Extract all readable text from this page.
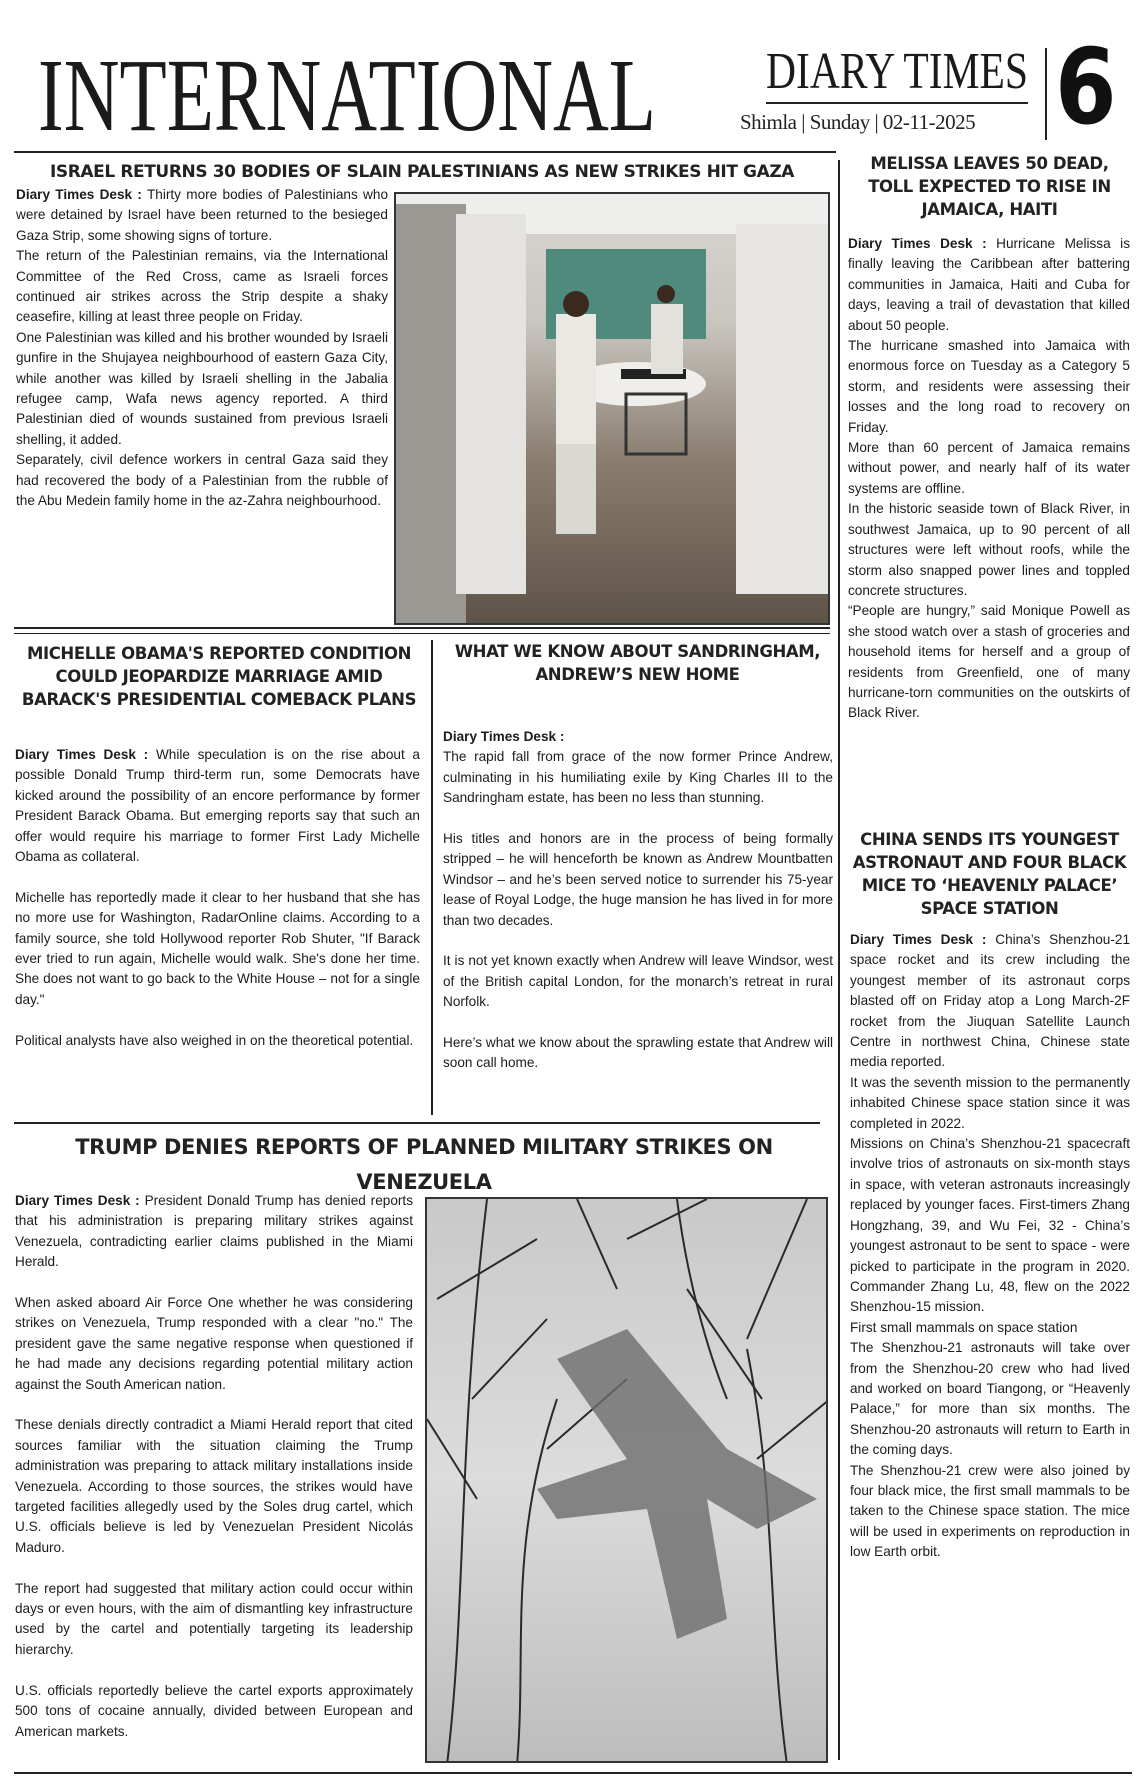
INTERNATIONAL DIARY TIMES
Shimla | Sunday | 02-11-2025 6
ISRAEL RETURNS 30 BODIES OF SLAIN PALESTINIANS AS NEW STRIKES HIT GAZA

Diary Times Desk : Thirty more bodies of Palestinians who were detained by Israel have been returned to the besieged Gaza Strip, some showing signs of torture.

The return of the Palestinian remains, via the International Committee of the Red Cross, came as Israeli forces continued air strikes across the Strip despite a shaky ceasefire, killing at least three people on Friday.

One Palestinian was killed and his brother wounded by Israeli gunfire in the Shujayea neighbourhood of eastern Gaza City, while another was killed by Israeli shelling in the Jabalia refugee camp, Wafa news agency reported. A third Palestinian died of wounds sustained from previous Israeli shelling, it added.

Separately, civil defence workers in central Gaza said they had recovered the body of a Palestinian from the rubble of the Abu Medein family home in the az-Zahra neighbourhood.

MICHELLE OBAMA'S REPORTED CONDITION COULD JEOPARDIZE MARRIAGE AMID BARACK'S PRESIDENTIAL COMEBACK PLANS

Diary Times Desk : While speculation is on the rise about a possible Donald Trump third-term run, some Democrats have kicked around the possibility of an encore performance by former President Barack Obama. But emerging reports say that such an offer would require his marriage to former First Lady Michelle Obama as collateral.

Michelle has reportedly made it clear to her husband that she has no more use for Washington, RadarOnline claims. According to a family source, she told Hollywood reporter Rob Shuter, "If Barack ever tried to run again, Michelle would walk. She's done her time. She does not want to go back to the White House – not for a single day."

Political analysts have also weighed in on the theoretical potential.

WHAT WE KNOW ABOUT SANDRINGHAM, ANDREW’S NEW HOME

Diary Times Desk :

The rapid fall from grace of the now former Prince Andrew, culminating in his humiliating exile by King Charles III to the Sandringham estate, has been no less than stunning.

His titles and honors are in the process of being formally stripped – he will henceforth be known as Andrew Mountbatten Windsor – and he’s been served notice to surrender his 75-year lease of Royal Lodge, the huge mansion he has lived in for more than two decades.

It is not yet known exactly when Andrew will leave Windsor, west of the British capital London, for the monarch’s retreat in rural Norfolk.

Here’s what we know about the sprawling estate that Andrew will soon call home.

TRUMP DENIES REPORTS OF PLANNED MILITARY STRIKES ON VENEZUELA

Diary Times Desk : President Donald Trump has denied reports that his administration is preparing military strikes against Venezuela, contradicting earlier claims published in the Miami Herald.

When asked aboard Air Force One whether he was considering strikes on Venezuela, Trump responded with a clear "no." The president gave the same negative response when questioned if he had made any decisions regarding potential military action against the South American nation.

These denials directly contradict a Miami Herald report that cited sources familiar with the situation claiming the Trump administration was preparing to attack military installations inside Venezuela. According to those sources, the strikes would have targeted facilities allegedly used by the Soles drug cartel, which U.S. officials believe is led by Venezuelan President Nicolás Maduro.

The report had suggested that military action could occur within days or even hours, with the aim of dismantling key infrastructure used by the cartel and potentially targeting its leadership hierarchy.

U.S. officials reportedly believe the cartel exports approximately 500 tons of cocaine annually, divided between European and American markets.

MELISSA LEAVES 50 DEAD, TOLL EXPECTED TO RISE IN JAMAICA, HAITI

Diary Times Desk : Hurricane Melissa is finally leaving the Caribbean after battering communities in Jamaica, Haiti and Cuba for days, leaving a trail of devastation that killed about 50 people.

The hurricane smashed into Jamaica with enormous force on Tuesday as a Category 5 storm, and residents were assessing their losses and the long road to recovery on Friday.

More than 60 percent of Jamaica remains without power, and nearly half of its water systems are offline.

In the historic seaside town of Black River, in southwest Jamaica, up to 90 percent of all structures were left without roofs, while the storm also snapped power lines and toppled concrete structures.

“People are hungry,” said Monique Powell as she stood watch over a stash of groceries and household items for herself and a group of residents from Greenfield, one of many hurricane-torn communities on the outskirts of Black River.

CHINA SENDS ITS YOUNGEST ASTRONAUT AND FOUR BLACK MICE TO ‘HEAVENLY PALACE’ SPACE STATION

Diary Times Desk : China’s Shenzhou-21 space rocket and its crew including the youngest member of its astronaut corps blasted off on Friday atop a Long March-2F rocket from the Jiuquan Satellite Launch Centre in northwest China, Chinese state media reported.

It was the seventh mission to the permanently inhabited Chinese space station since it was completed in 2022.

Missions on China’s Shenzhou-21 spacecraft involve trios of astronauts on six-month stays in space, with veteran astronauts increasingly replaced by younger faces. First-timers Zhang Hongzhang, 39, and Wu Fei, 32 - China’s youngest astronaut to be sent to space - were picked to participate in the program in 2020. Commander Zhang Lu, 48, flew on the 2022 Shenzhou-15 mission.

First small mammals on space station

The Shenzhou-21 astronauts will take over from the Shenzhou-20 crew who had lived and worked on board Tiangong, or “Heavenly Palace,” for more than six months. The Shenzhou-20 astronauts will return to Earth in the coming days.

The Shenzhou-21 crew were also joined by four black mice, the first small mammals to be taken to the Chinese space station. The mice will be used in experiments on reproduction in low Earth orbit.
